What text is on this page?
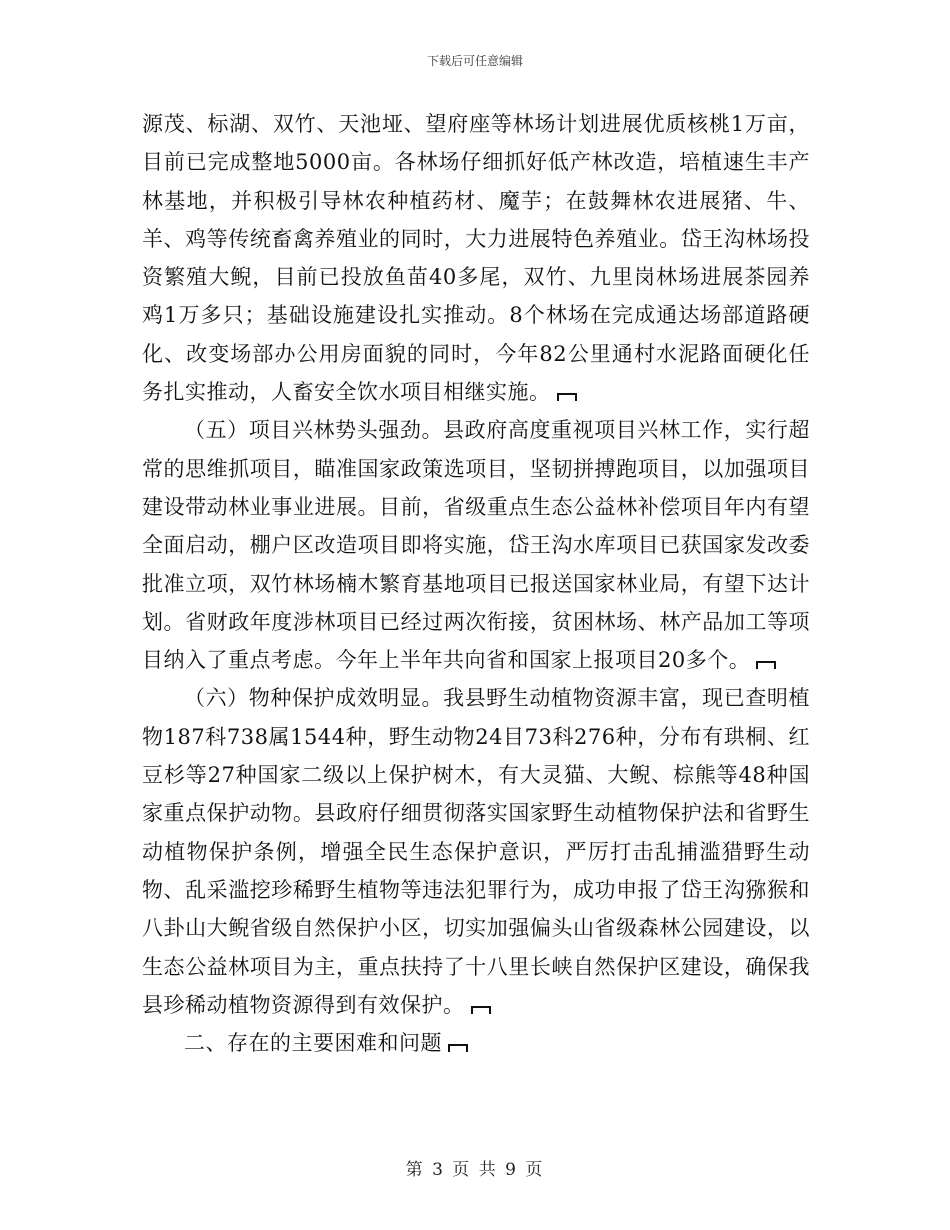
下载后可任意编辑

源茂、标湖、双竹、天池垭、望府座等林场计划进展优质核桃1万亩，目前已完成整地5000亩。各林场仔细抓好低产林改造，培植速生丰产林基地，并积极引导林农种植药材、魔芋；在鼓舞林农进展猪、牛、羊、鸡等传统畜禽养殖业的同时，大力进展特色养殖业。岱王沟林场投资繁殖大鲵，目前已投放鱼苗40多尾，双竹、九里岗林场进展茶园养鸡1万多只；基础设施建设扎实推动。8个林场在完成通达场部道路硬化、改变场部办公用房面貌的同时，今年82公里通村水泥路面硬化任务扎实推动，人畜安全饮水项目相继实施。

（五）项目兴林势头强劲。县政府高度重视项目兴林工作，实行超常的思维抓项目，瞄准国家政策选项目，坚韧拼搏跑项目，以加强项目建设带动林业事业进展。目前，省级重点生态公益林补偿项目年内有望全面启动，棚户区改造项目即将实施，岱王沟水库项目已获国家发改委批准立项，双竹林场楠木繁育基地项目已报送国家林业局，有望下达计划。省财政年度涉林项目已经过两次衔接，贫困林场、林产品加工等项目纳入了重点考虑。今年上半年共向省和国家上报项目20多个。

（六）物种保护成效明显。我县野生动植物资源丰富，现已查明植物187科738属1544种，野生动物24目73科276种，分布有珙桐、红豆杉等27种国家二级以上保护树木，有大灵猫、大鲵、棕熊等48种国家重点保护动物。县政府仔细贯彻落实国家野生动植物保护法和省野生动植物保护条例，增强全民生态保护意识，严厉打击乱捕滥猎野生动物、乱采滥挖珍稀野生植物等违法犯罪行为，成功申报了岱王沟猕猴和八卦山大鲵省级自然保护小区，切实加强偏头山省级森林公园建设，以生态公益林项目为主，重点扶持了十八里长峡自然保护区建设，确保我县珍稀动植物资源得到有效保护。

二、存在的主要困难和问题

第 3 页 共 9 页
